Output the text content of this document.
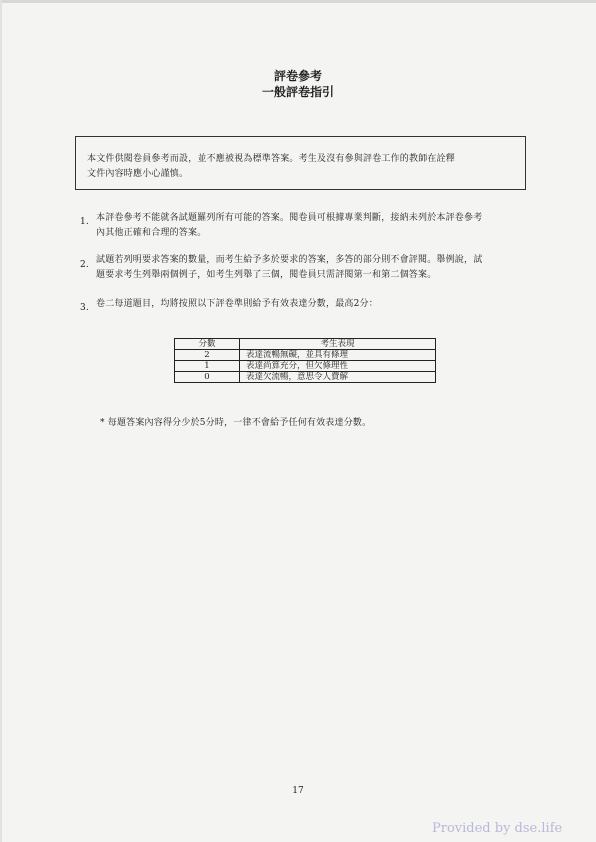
評卷參考
一般評卷指引
本文件供閱卷員參考而設，並不應被視為標準答案。考生及沒有參與評卷工作的教師在詮釋
文件內容時應小心謹慎。
1. 本評卷參考不能就各試題羅列所有可能的答案。閱卷員可根據專業判斷，接納未列於本評卷參考
內其他正確和合理的答案。
2. 試題若列明要求答案的數量，而考生給予多於要求的答案，多答的部分則不會評閱。舉例說，試
題要求考生列舉兩個例子，如考生列舉了三個，閱卷員只需評閱第一和第二個答案。
3. 卷二每道題目，均將按照以下評卷準則給予有效表達分數，最高2分：
分數	考生表現
2	表達流暢無礙，並具有條理
1	表達尚算充分，但欠條理性
0	表達欠流暢，意思令人費解
* 每題答案內容得分少於5分時，一律不會給予任何有效表達分數。
17
Provided by dse.life
